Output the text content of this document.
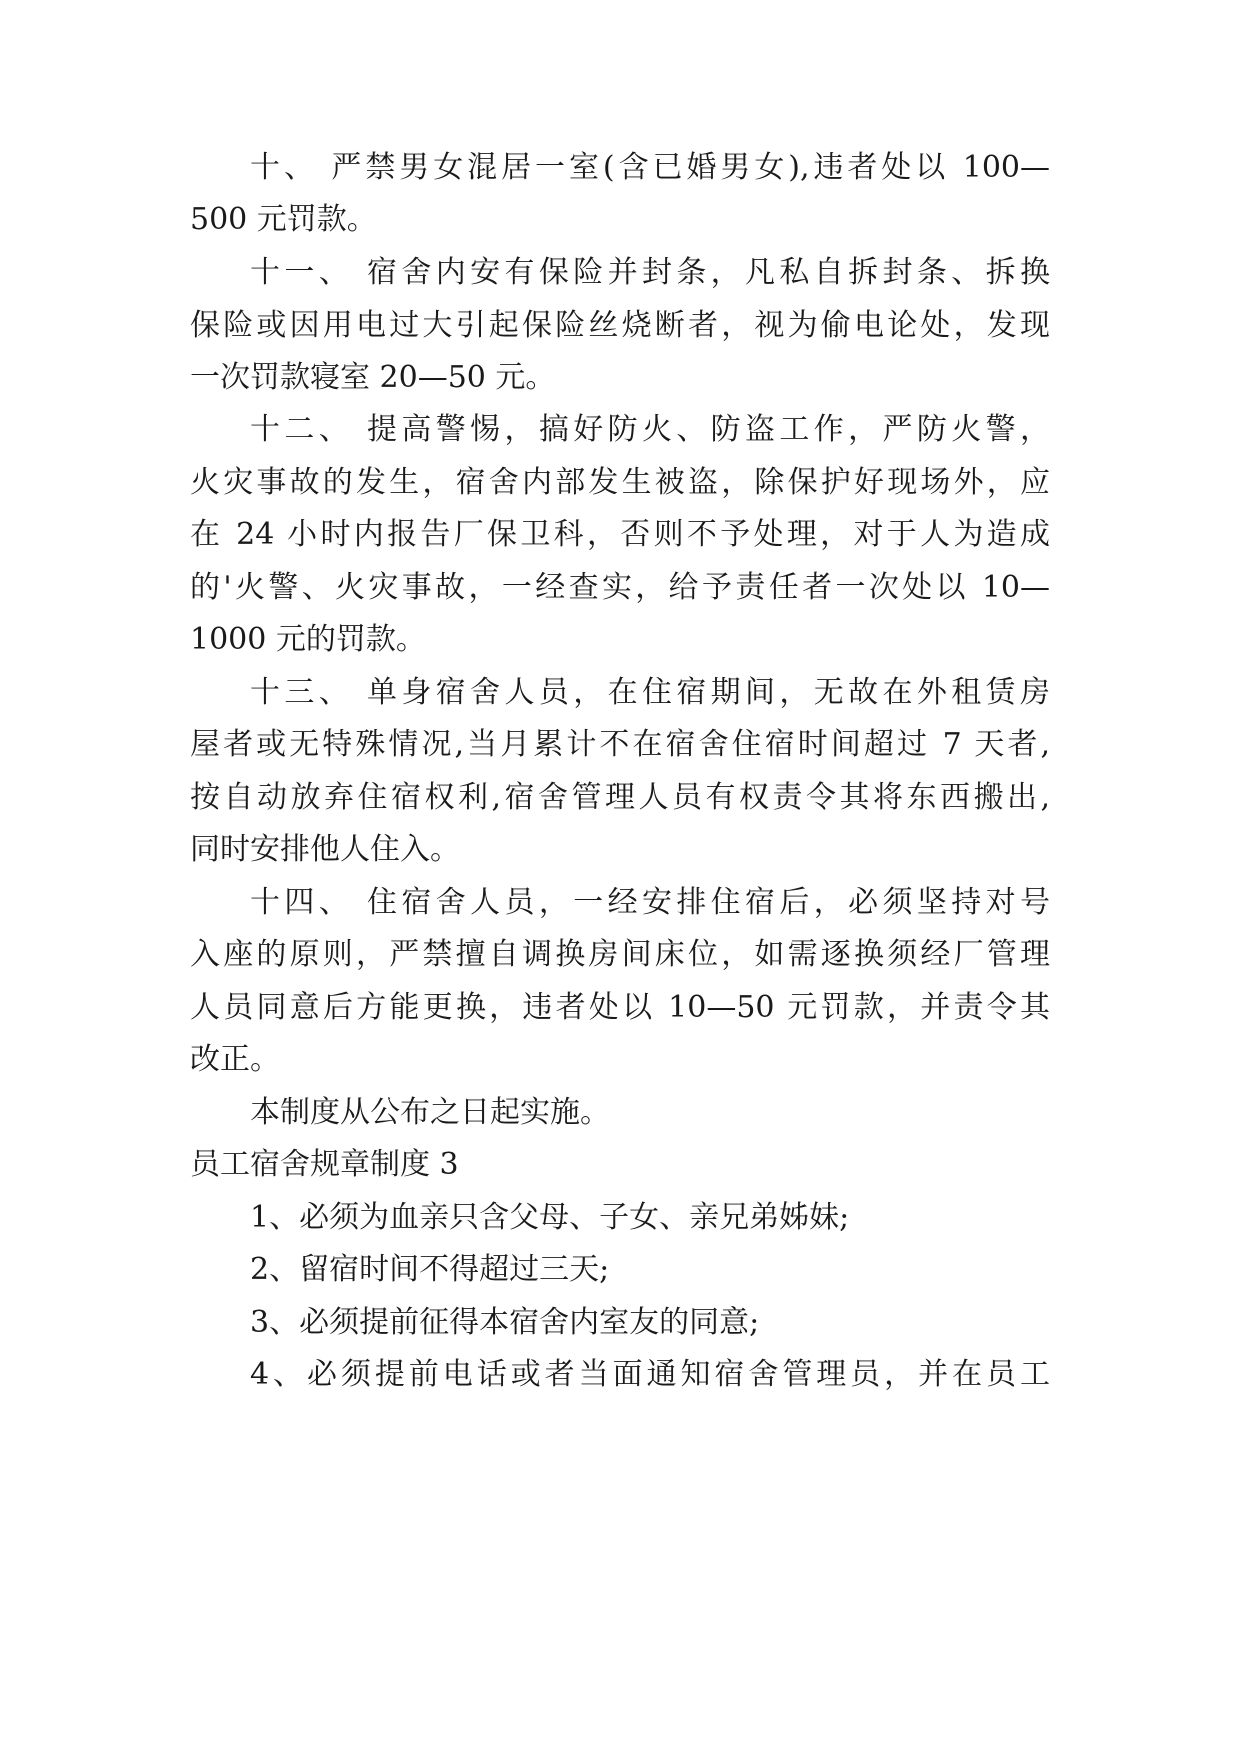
十、 严禁男女混居一室(含已婚男女),违者处以 100—
500 元罚款。
十一、 宿舍内安有保险并封条，凡私自拆封条、拆换
保险或因用电过大引起保险丝烧断者，视为偷电论处，发现
一次罚款寝室 20—50 元。
十二、 提高警惕，搞好防火、防盗工作，严防火警，
火灾事故的发生，宿舍内部发生被盗，除保护好现场外，应
在 24 小时内报告厂保卫科，否则不予处理，对于人为造成
的'火警、火灾事故，一经查实，给予责任者一次处以 10—
1000 元的罚款。
十三、 单身宿舍人员，在住宿期间，无故在外租赁房
屋者或无特殊情况,当月累计不在宿舍住宿时间超过 7 天者,
按自动放弃住宿权利,宿舍管理人员有权责令其将东西搬出,
同时安排他人住入。
十四、 住宿舍人员，一经安排住宿后，必须坚持对号
入座的原则，严禁擅自调换房间床位，如需逐换须经厂管理
人员同意后方能更换，违者处以 10—50 元罚款，并责令其
改正。
本制度从公布之日起实施。
员工宿舍规章制度 3
1、必须为血亲只含父母、子女、亲兄弟姊妹;
2、留宿时间不得超过三天;
3、必须提前征得本宿舍内室友的同意;
4、必须提前电话或者当面通知宿舍管理员，并在员工
